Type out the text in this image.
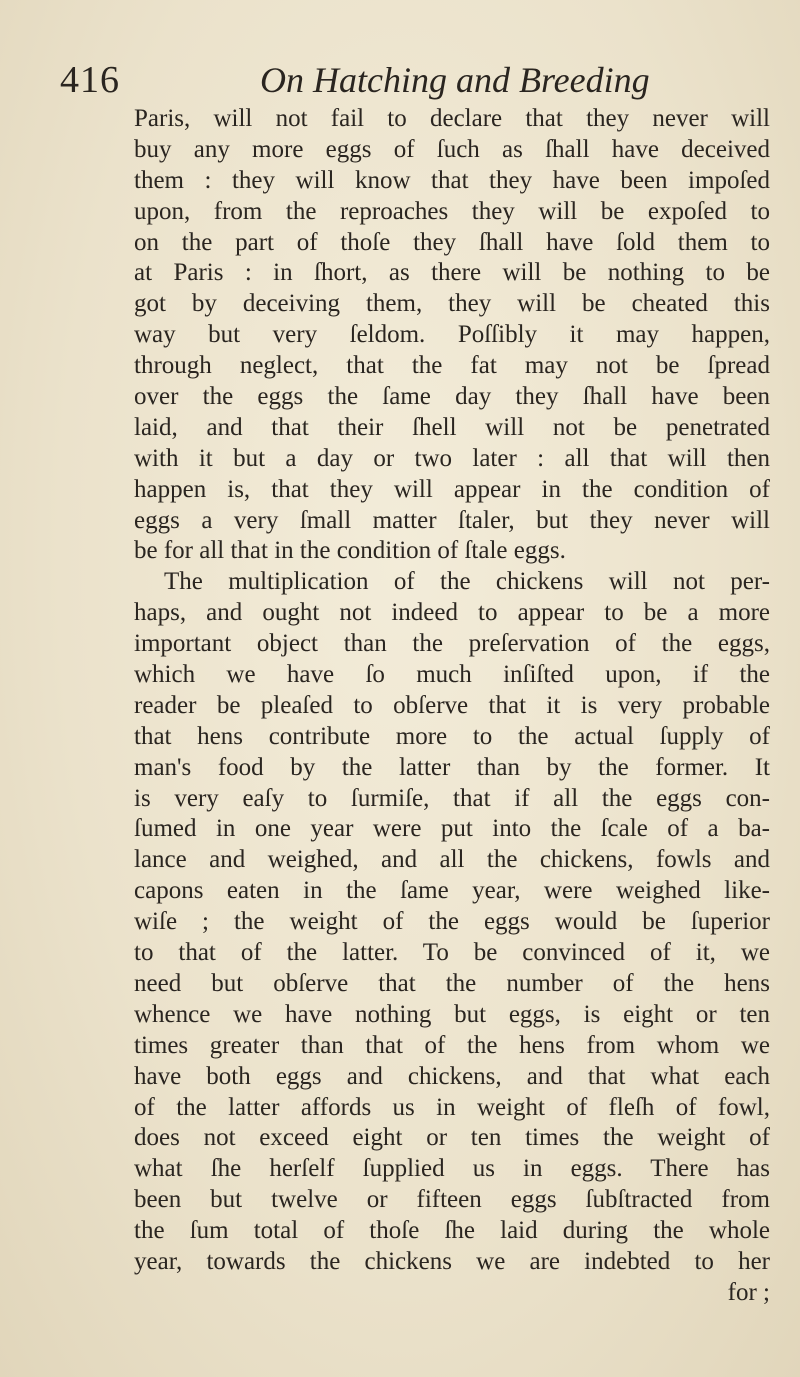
416	On Hatching and Breeding
Paris, will not fail to declare that they never will
buy any more eggs of ſuch as ſhall have deceived
them : they will know that they have been impoſed
upon, from the reproaches they will be expoſed to
on the part of thoſe they ſhall have ſold them to
at Paris : in ſhort, as there will be nothing to be
got by deceiving them, they will be cheated this
way but very ſeldom. Poſſibly it may happen,
through neglect, that the fat may not be ſpread
over the eggs the ſame day they ſhall have been
laid, and that their ſhell will not be penetrated
with it but a day or two later : all that will then
happen is, that they will appear in the condition of
eggs a very ſmall matter ſtaler, but they never will
be for all that in the condition of ſtale eggs.
The multiplication of the chickens will not per-
haps, and ought not indeed to appear to be a more
important object than the preſervation of the eggs,
which we have ſo much inſiſted upon, if the
reader be pleaſed to obſerve that it is very probable
that hens contribute more to the actual ſupply of
man's food by the latter than by the former. It
is very eaſy to ſurmiſe, that if all the eggs con-
ſumed in one year were put into the ſcale of a ba-
lance and weighed, and all the chickens, fowls and
capons eaten in the ſame year, were weighed like-
wiſe ; the weight of the eggs would be ſuperior
to that of the latter. To be convinced of it, we
need but obſerve that the number of the hens
whence we have nothing but eggs, is eight or ten
times greater than that of the hens from whom we
have both eggs and chickens, and that what each
of the latter affords us in weight of fleſh of fowl,
does not exceed eight or ten times the weight of
what ſhe herſelf ſupplied us in eggs. There has
been but twelve or fifteen eggs ſubſtracted from
the ſum total of thoſe ſhe laid during the whole
year, towards the chickens we are indebted to her
for ;
